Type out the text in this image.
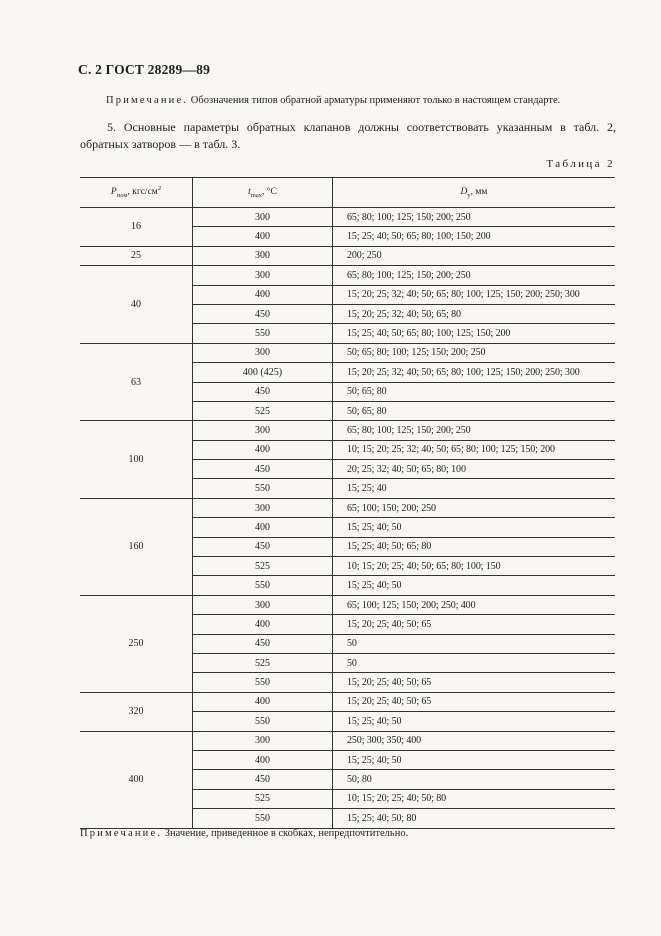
С. 2 ГОСТ 28289—89
Примечание. Обозначения типов обратной арматуры применяют только в настоящем стандарте.
5. Основные параметры обратных клапанов должны соответствовать указанным в табл. 2, обратных затворов — в табл. 3.
Таблица 2
$P_{ном}$, кгс/$см^2$	$t_{max}$, °С	$D_y$, мм
16	300	65; 80; 100; 125; 150; 200; 250
	400	15; 25; 40; 50; 65; 80; 100; 150; 200
25	300	200; 250
40	300	65; 80; 100; 125; 150; 200; 250
	400	15; 20; 25; 32; 40; 50; 65; 80; 100; 125; 150; 200; 250; 300
	450	15; 20; 25; 32; 40; 50; 65; 80
	550	15; 25; 40; 50; 65; 80; 100; 125; 150; 200
63	300	50; 65; 80; 100; 125; 150; 200; 250
	400 (425)	15; 20; 25; 32; 40; 50; 65; 80; 100; 125; 150; 200; 250; 300
	450	50; 65; 80
	525	50; 65; 80
100	300	65; 80; 100; 125; 150; 200; 250
	400	10; 15; 20; 25; 32; 40; 50; 65; 80; 100; 125; 150; 200
	450	20; 25; 32; 40; 50; 65; 80; 100
	550	15; 25; 40
160	300	65; 100; 150; 200; 250
	400	15; 25; 40; 50
	450	15; 25; 40; 50; 65; 80
	525	10; 15; 20; 25; 40; 50; 65; 80; 100; 150
	550	15; 25; 40; 50
250	300	65; 100; 125; 150; 200; 250; 400
	400	15; 20; 25; 40; 50; 65
	450	50
	525	50
	550	15; 20; 25; 40; 50; 65
320	400	15; 20; 25; 40; 50; 65
	550	15; 25; 40; 50
400	300	250; 300; 350; 400
	400	15; 25; 40; 50
	450	50; 80
	525	10; 15; 20; 25; 40; 50; 80
	550	15; 25; 40; 50; 80
Примечание. Значение, приведенное в скобках, непредпочтительно.
